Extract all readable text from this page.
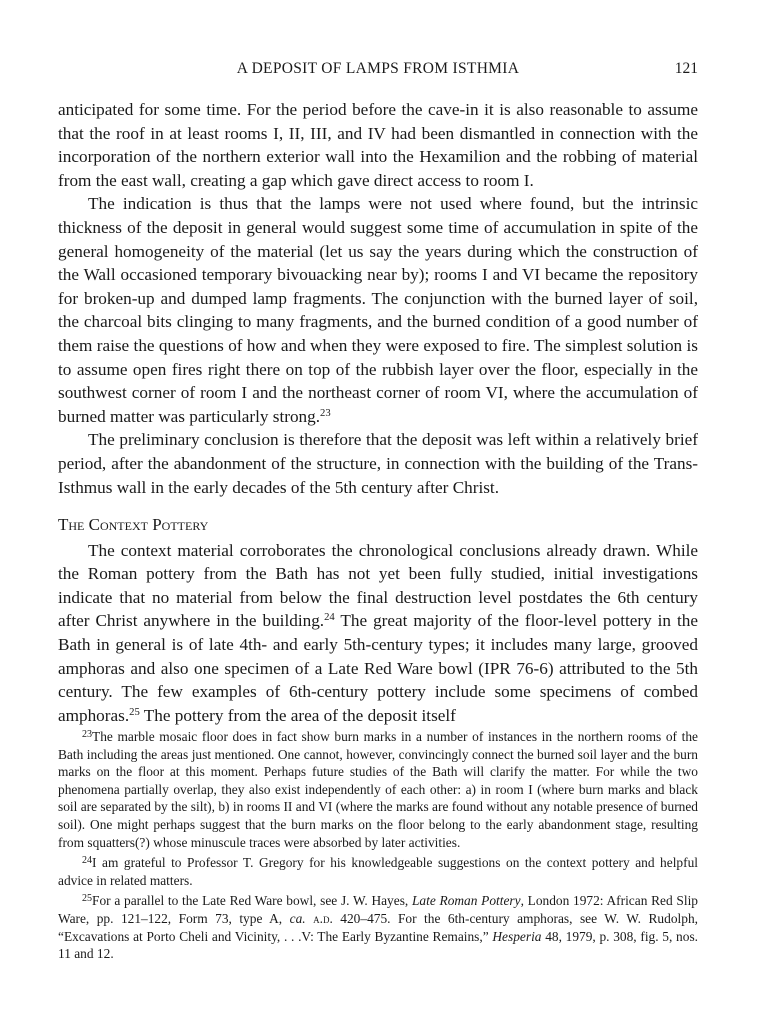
A DEPOSIT OF LAMPS FROM ISTHMIA	121

anticipated for some time. For the period before the cave-in it is also reasonable to assume that the roof in at least rooms I, II, III, and IV had been dismantled in connection with the incorporation of the northern exterior wall into the Hexamilion and the robbing of material from the east wall, creating a gap which gave direct access to room I.

The indication is thus that the lamps were not used where found, but the intrinsic thickness of the deposit in general would suggest some time of accumulation in spite of the general homogeneity of the material (let us say the years during which the construction of the Wall occasioned temporary bivouacking near by); rooms I and VI became the repository for broken-up and dumped lamp fragments. The conjunction with the burned layer of soil, the charcoal bits clinging to many fragments, and the burned condition of a good number of them raise the questions of how and when they were exposed to fire. The simplest solution is to assume open fires right there on top of the rubbish layer over the floor, especially in the southwest corner of room I and the northeast corner of room VI, where the accumulation of burned matter was particularly strong.$^{23}$

The preliminary conclusion is therefore that the deposit was left within a relatively brief period, after the abandonment of the structure, in connection with the building of the Trans-Isthmus wall in the early decades of the 5th century after Christ.

The Context Pottery

The context material corroborates the chronological conclusions already drawn. While the Roman pottery from the Bath has not yet been fully studied, initial investigations indicate that no material from below the final destruction level postdates the 6th century after Christ anywhere in the building.$^{24}$ The great majority of the floor-level pottery in the Bath in general is of late 4th- and early 5th-century types; it includes many large, grooved amphoras and also one specimen of a Late Red Ware bowl (IPR 76-6) attributed to the 5th century. The few examples of 6th-century pottery include some specimens of combed amphoras.$^{25}$ The pottery from the area of the deposit itself

$^{23}$The marble mosaic floor does in fact show burn marks in a number of instances in the northern rooms of the Bath including the areas just mentioned. One cannot, however, convincingly connect the burned soil layer and the burn marks on the floor at this moment. Perhaps future studies of the Bath will clarify the matter. For while the two phenomena partially overlap, they also exist independently of each other: a) in room I (where burn marks and black soil are separated by the silt), b) in rooms II and VI (where the marks are found without any notable presence of burned soil). One might perhaps suggest that the burn marks on the floor belong to the early abandonment stage, resulting from squatters(?) whose minuscule traces were absorbed by later activities.

$^{24}$I am grateful to Professor T. Gregory for his knowledgeable suggestions on the context pottery and helpful advice in related matters.

$^{25}$For a parallel to the Late Red Ware bowl, see J. W. Hayes, Late Roman Pottery, London 1972: African Red Slip Ware, pp. 121–122, Form 73, type A, ca. a.d. 420–475. For the 6th-century amphoras, see W. W. Rudolph, “Excavations at Porto Cheli and Vicinity, . . .V: The Early Byzantine Remains,” Hesperia 48, 1979, p. 308, fig. 5, nos. 11 and 12.
